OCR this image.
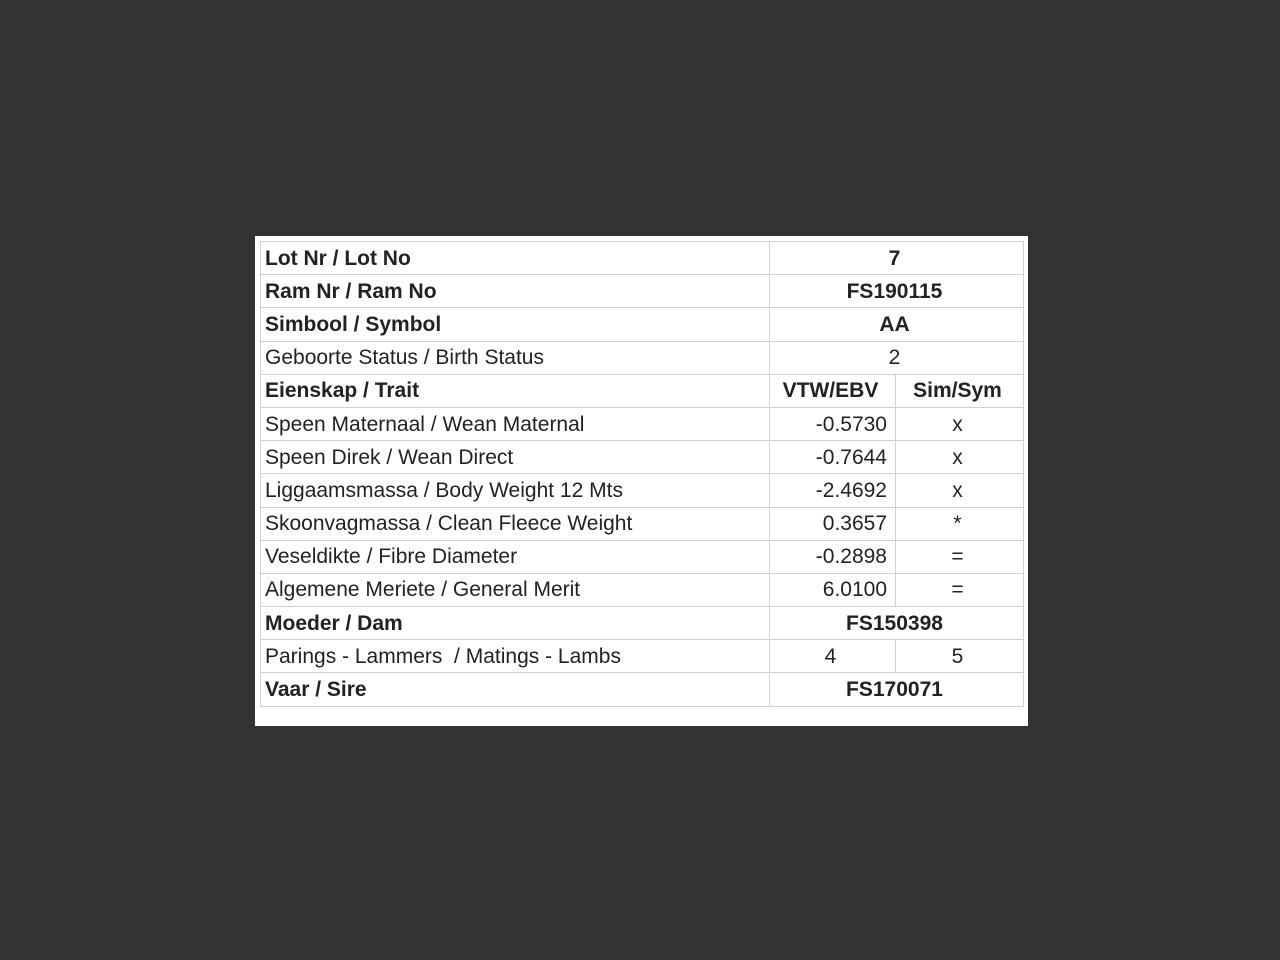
Lot Nr / Lot No	7	
Ram Nr / Ram No	FS190115	
Simbool / Symbol	AA	
Geboorte Status / Birth Status	2	
Eienskap / Trait	VTW/EBV	Sim/Sym
Speen Maternaal / Wean Maternal	-0.5730	x
Speen Direk / Wean Direct	-0.7644	x
Liggaamsmassa / Body Weight 12 Mts	-2.4692	x
Skoonvagmassa / Clean Fleece Weight	0.3657	*
Veseldikte / Fibre Diameter	-0.2898	=
Algemene Meriete / General Merit	6.0100	=
Moeder / Dam	FS150398	
Parings - Lammers  / Matings - Lambs	4	5
Vaar / Sire	FS170071	
